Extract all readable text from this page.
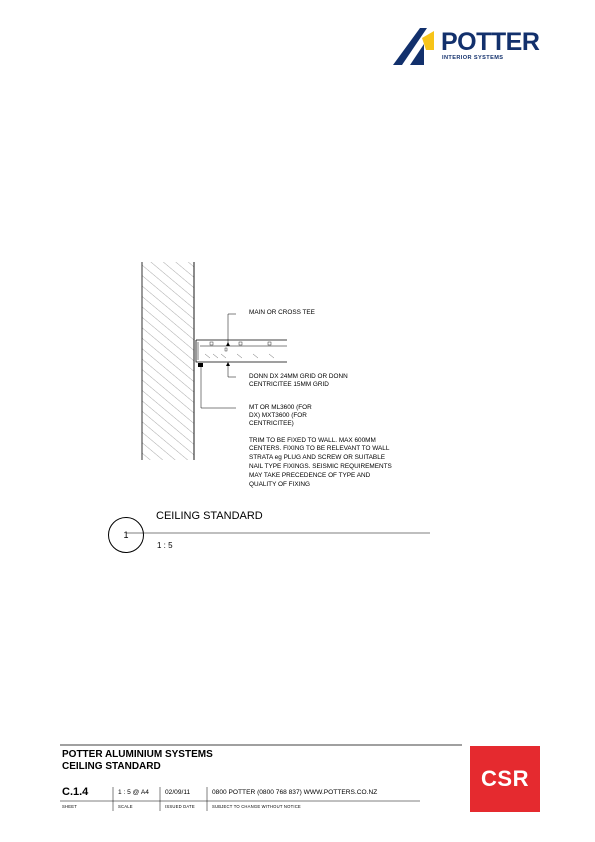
POTTER
INTERIOR SYSTEMS
MAIN OR CROSS TEE
DONN DX 24MM GRID OR DONN
CENTRICITEE 15MM GRID
MT OR ML3600 (FOR
DX) MXT3600 (FOR
CENTRICITEE)
TRIM TO BE FIXED TO WALL. MAX 600MM
CENTERS. FIXING TO BE RELEVANT TO WALL
STRATA eg PLUG AND SCREW OR SUITABLE
NAIL TYPE FIXINGS. SEISMIC REQUIREMENTS
MAY TAKE PRECEDENCE OF TYPE AND
QUALITY OF FIXING
1
CEILING STANDARD
1 : 5
POTTER ALUMINIUM SYSTEMS
CEILING STANDARD
C.1.4	1 : 5 @ A4 02/09/11	0800 POTTER (0800 768 837) WWW.POTTERS.CO.NZ
SHEET	SCALE	ISSUED DATE	SUBJECT TO CHANGE WITHOUT NOTICE
CSR
